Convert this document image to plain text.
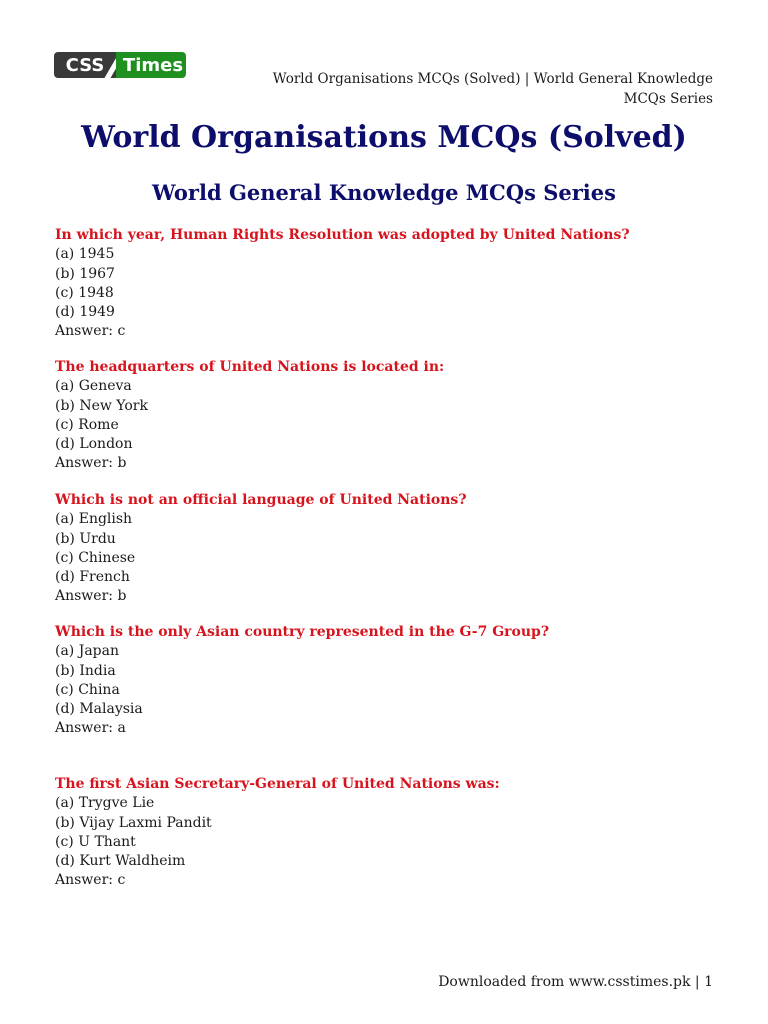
CSS	Times
World Organisations MCQs (Solved) | World General Knowledge
MCQs Series
World Organisations MCQs (Solved)
World General Knowledge MCQs Series
In which year, Human Rights Resolution was adopted by United Nations?
(a) 1945
(b) 1967
(c) 1948
(d) 1949
Answer: c
The headquarters of United Nations is located in:
(a) Geneva
(b) New York
(c) Rome
(d) London
Answer: b
Which is not an official language of United Nations?
(a) English
(b) Urdu
(c) Chinese
(d) French
Answer: b
Which is the only Asian country represented in the G-7 Group?
(a) Japan
(b) India
(c) China
(d) Malaysia
Answer: a
The first Asian Secretary-General of United Nations was:
(a) Trygve Lie
(b) Vijay Laxmi Pandit
(c) U Thant
(d) Kurt Waldheim
Answer: c
Downloaded from www.csstimes.pk | 1
